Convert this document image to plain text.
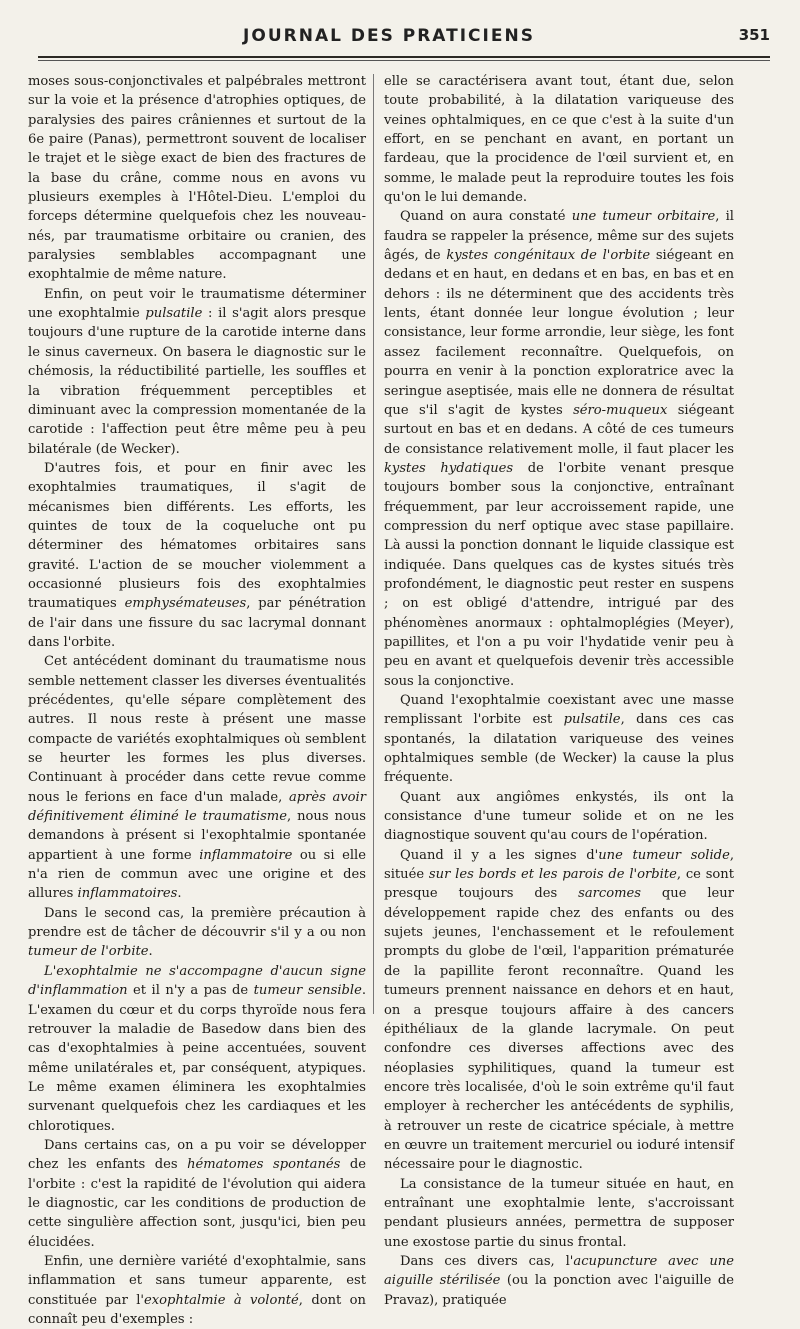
JOURNAL DES PRATICIENS	351

moses sous-conjonctivales et palpébrales mettront sur la voie et la présence d'atrophies optiques, de paralysies des paires crâniennes et surtout de la 6e paire (Panas), permettront souvent de localiser le trajet et le siège exact de bien des fractures de la base du crâne, comme nous en avons vu plusieurs exemples à l'Hôtel-Dieu. L'emploi du forceps détermine quelquefois chez les nouveau-nés, par traumatisme orbitaire ou cranien, des paralysies semblables accompagnant une exophtalmie de même nature.

Enfin, on peut voir le traumatisme déterminer une exophtalmie pulsatile : il s'agit alors presque toujours d'une rupture de la carotide interne dans le sinus caverneux. On basera le diagnostic sur le chémosis, la réductibilité partielle, les souffles et la vibration fréquemment perceptibles et diminuant avec la compression momentanée de la carotide : l'affection peut être même peu à peu bilatérale (de Wecker).

D'autres fois, et pour en finir avec les exophtalmies traumatiques, il s'agit de mécanismes bien différents. Les efforts, les quintes de toux de la coqueluche ont pu déterminer des hématomes orbitaires sans gravité. L'action de se moucher violemment a occasionné plusieurs fois des exophtalmies traumatiques emphysémateuses, par pénétration de l'air dans une fissure du sac lacrymal donnant dans l'orbite.

Cet antécédent dominant du traumatisme nous semble nettement classer les diverses éventualités précédentes, qu'elle sépare complètement des autres. Il nous reste à présent une masse compacte de variétés exophtalmiques où semblent se heurter les formes les plus diverses. Continuant à procéder dans cette revue comme nous le ferions en face d'un malade, après avoir définitivement éliminé le traumatisme, nous nous demandons à présent si l'exophtalmie spontanée appartient à une forme inflammatoire ou si elle n'a rien de commun avec une origine et des allures inflammatoires.

Dans le second cas, la première précaution à prendre est de tâcher de découvrir s'il y a ou non tumeur de l'orbite.

L'exophtalmie ne s'accompagne d'aucun signe d'inflammation et il n'y a pas de tumeur sensible. L'examen du cœur et du corps thyroïde nous fera retrouver la maladie de Basedow dans bien des cas d'exophtalmies à peine accentuées, souvent même unilatérales et, par conséquent, atypiques. Le même examen éliminera les exophtalmies survenant quelquefois chez les cardiaques et les chlorotiques.

Dans certains cas, on a pu voir se développer chez les enfants des hématomes spontanés de l'orbite : c'est la rapidité de l'évolution qui aidera le diagnostic, car les conditions de production de cette singulière affection sont, jusqu'ici, bien peu élucidées.

Enfin, une dernière variété d'exophtalmie, sans inflammation et sans tumeur apparente, est constituée par l'exophtalmie à volonté, dont on connaît peu d'exemples :

elle se caractérisera avant tout, étant due, selon toute probabilité, à la dilatation variqueuse des veines ophtalmiques, en ce que c'est à la suite d'un effort, en se penchant en avant, en portant un fardeau, que la procidence de l'œil survient et, en somme, le malade peut la reproduire toutes les fois qu'on le lui demande.

Quand on aura constaté une tumeur orbitaire, il faudra se rappeler la présence, même sur des sujets âgés, de kystes congénitaux de l'orbite siégeant en dedans et en haut, en dedans et en bas, en bas et en dehors : ils ne déterminent que des accidents très lents, étant donnée leur longue évolution ; leur consistance, leur forme arrondie, leur siège, les font assez facilement reconnaître. Quelquefois, on pourra en venir à la ponction exploratrice avec la seringue aseptisée, mais elle ne donnera de résultat que s'il s'agit de kystes séro-muqueux siégeant surtout en bas et en dedans. A côté de ces tumeurs de consistance relativement molle, il faut placer les kystes hydatiques de l'orbite venant presque toujours bomber sous la conjonctive, entraînant fréquemment, par leur accroissement rapide, une compression du nerf optique avec stase papillaire. Là aussi la ponction donnant le liquide classique est indiquée. Dans quelques cas de kystes situés très profondément, le diagnostic peut rester en suspens ; on est obligé d'attendre, intrigué par des phénomènes anormaux : ophtalmoplégies (Meyer), papillites, et l'on a pu voir l'hydatide venir peu à peu en avant et quelquefois devenir très accessible sous la conjonctive.

Quand l'exophtalmie coexistant avec une masse remplissant l'orbite est pulsatile, dans ces cas spontanés, la dilatation variqueuse des veines ophtalmiques semble (de Wecker) la cause la plus fréquente.

Quant aux angiômes enkystés, ils ont la consistance d'une tumeur solide et on ne les diagnostique souvent qu'au cours de l'opération.

Quand il y a les signes d'une tumeur solide, située sur les bords et les parois de l'orbite, ce sont presque toujours des sarcomes que leur développement rapide chez des enfants ou des sujets jeunes, l'enchassement et le refoulement prompts du globe de l'œil, l'apparition prématurée de la papillite feront reconnaître. Quand les tumeurs prennent naissance en dehors et en haut, on a presque toujours affaire à des cancers épithéliaux de la glande lacrymale. On peut confondre ces diverses affections avec des néoplasies syphilitiques, quand la tumeur est encore très localisée, d'où le soin extrême qu'il faut employer à rechercher les antécédents de syphilis, à retrouver un reste de cicatrice spéciale, à mettre en œuvre un traitement mercuriel ou ioduré intensif nécessaire pour le diagnostic.

La consistance de la tumeur située en haut, en entraînant une exophtalmie lente, s'accroissant pendant plusieurs années, permettra de supposer une exostose partie du sinus frontal.

Dans ces divers cas, l'acupuncture avec une aiguille stérilisée (ou la ponction avec l'aiguille de Pravaz), pratiquée
